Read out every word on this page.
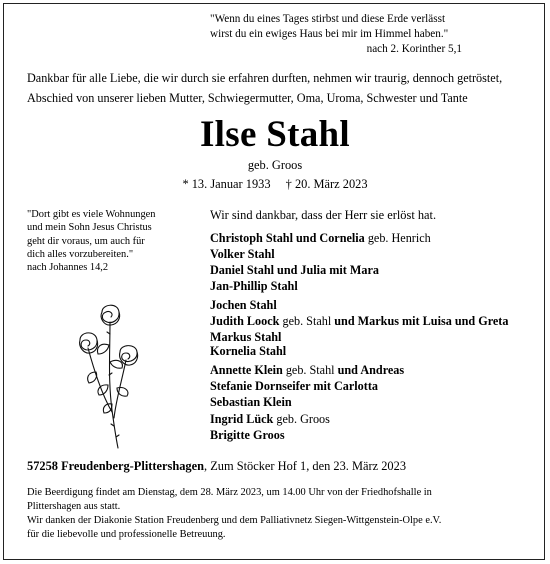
"Wenn du eines Tages stirbst und diese Erde verlässt
wirst du ein ewiges Haus bei mir im Himmel haben."
nach 2. Korinther 5,1
Dankbar für alle Liebe, die wir durch sie erfahren durften, nehmen wir traurig, dennoch getröstet,
Abschied von unserer lieben Mutter, Schwiegermutter, Oma, Uroma, Schwester und Tante
Ilse Stahl
geb. Groos
* 13. Januar 1933 † 20. März 2023
"Dort gibt es viele Wohnungen
und mein Sohn Jesus Christus
geht dir voraus, um auch für
dich alles vorzubereiten."
nach Johannes 14,2
Wir sind dankbar, dass der Herr sie erlöst hat.
Christoph Stahl und Cornelia geb. Henrich
Volker Stahl
Daniel Stahl und Julia mit Mara
Jan-Phillip Stahl
Jochen Stahl
Judith Loock geb. Stahl und Markus mit Luisa und Greta
Markus Stahl
Kornelia Stahl
Annette Klein geb. Stahl und Andreas
Stefanie Dornseifer mit Carlotta
Sebastian Klein
Ingrid Lück geb. Groos
Brigitte Groos
57258 Freudenberg-Plittershagen, Zum Stöcker Hof 1, den 23. März 2023
Die Beerdigung findet am Dienstag, dem 28. März 2023, um 14.00 Uhr von der Friedhofshalle in
Plittershagen aus statt.
Wir danken der Diakonie Station Freudenberg und dem Palliativnetz Siegen-Wittgenstein-Olpe e.V.
für die liebevolle und professionelle Betreuung.
